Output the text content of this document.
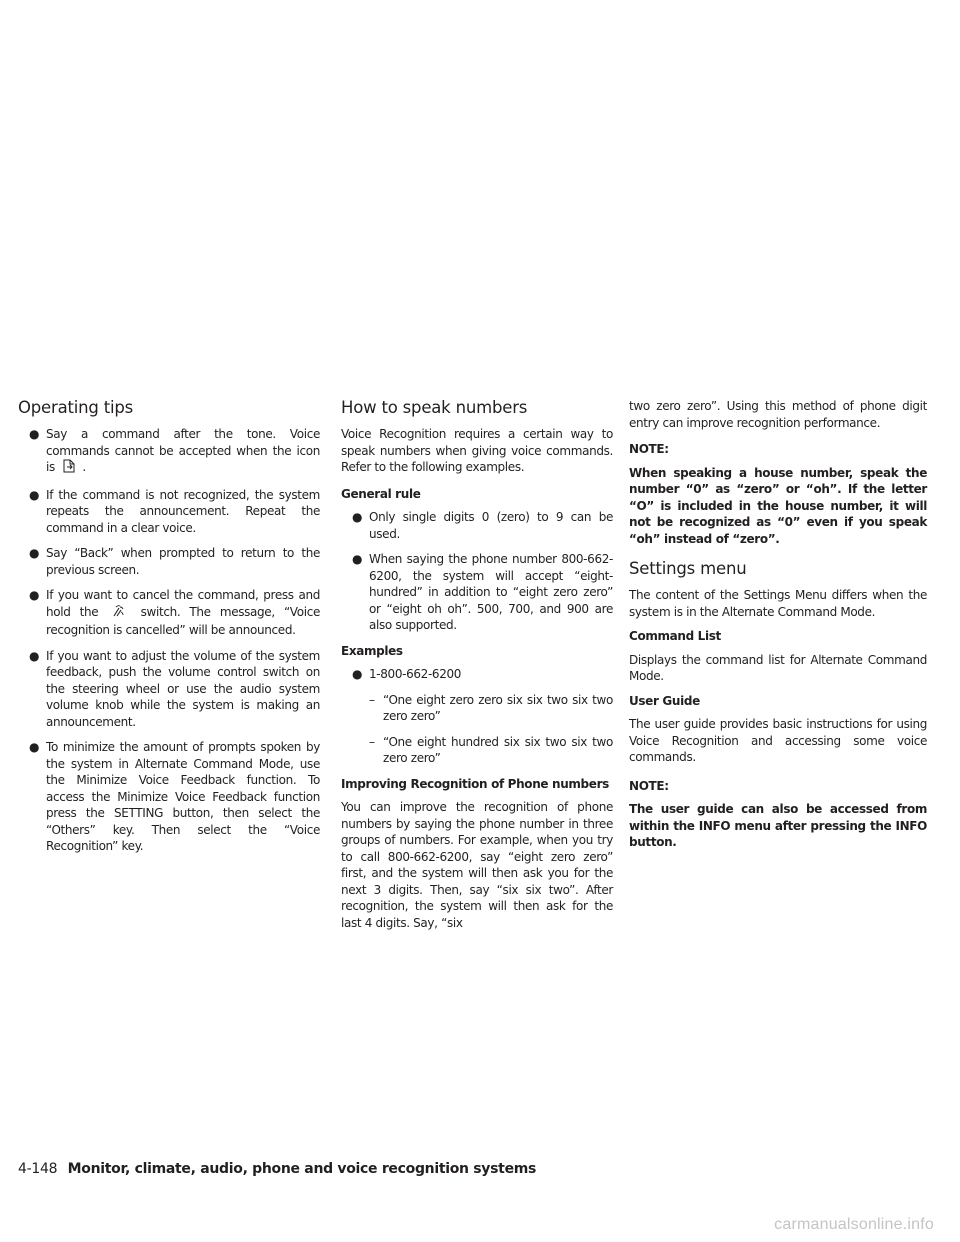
Operating tips
● Say a command after the tone. Voice commands cannot be accepted when the icon is .
● If the command is not recognized, the system repeats the announcement. Repeat the command in a clear voice.
● Say “Back” when prompted to return to the previous screen.
● If you want to cancel the command, press and hold the	switch. The message, “Voice recognition is cancelled” will be announced.
● If you want to adjust the volume of the system feedback, push the volume control switch on the steering wheel or use the audio system volume knob while the system is making an announcement.
● To minimize the amount of prompts spoken by the system in Alternate Command Mode, use the Minimize Voice Feedback function. To access the Minimize Voice Feedback function press the SETTING button, then select the “Others” key. Then select the “Voice Recognition” key.
How to speak numbers

Voice Recognition requires a certain way to speak numbers when giving voice commands. Refer to the following examples.

General rule

● Only single digits 0 (zero) to 9 can be used.
● When saying the phone number 800-662-6200, the system will accept “eight-hundred” in addition to “eight zero zero” or “eight oh oh”. 500, 700, and 900 are also supported.

Examples

● 1-800-662-6200
– “One eight zero zero six six two six two zero zero”
– “One eight hundred six six two six two zero zero”

Improving Recognition of Phone numbers

You can improve the recognition of phone numbers by saying the phone number in three groups of numbers. For example, when you try to call 800-662-6200, say “eight zero zero” first, and the system will then ask you for the next 3 digits. Then, say “six six two”. After recognition, the system will then ask for the last 4 digits. Say, “six

two zero zero”. Using this method of phone digit entry can improve recognition performance.

NOTE:

When speaking a house number, speak the number “0” as “zero” or “oh”. If the letter “O” is included in the house number, it will not be recognized as “0” even if you speak “oh” instead of “zero”.

Settings menu

The content of the Settings Menu differs when the system is in the Alternate Command Mode.

Command List

Displays the command list for Alternate Command Mode.

User Guide

The user guide provides basic instructions for using Voice Recognition and accessing some voice commands.

NOTE:

The user guide can also be accessed from within the INFO menu after pressing the INFO button.

4-148 Monitor, climate, audio, phone and voice recognition systems
carmanualsonline.info
